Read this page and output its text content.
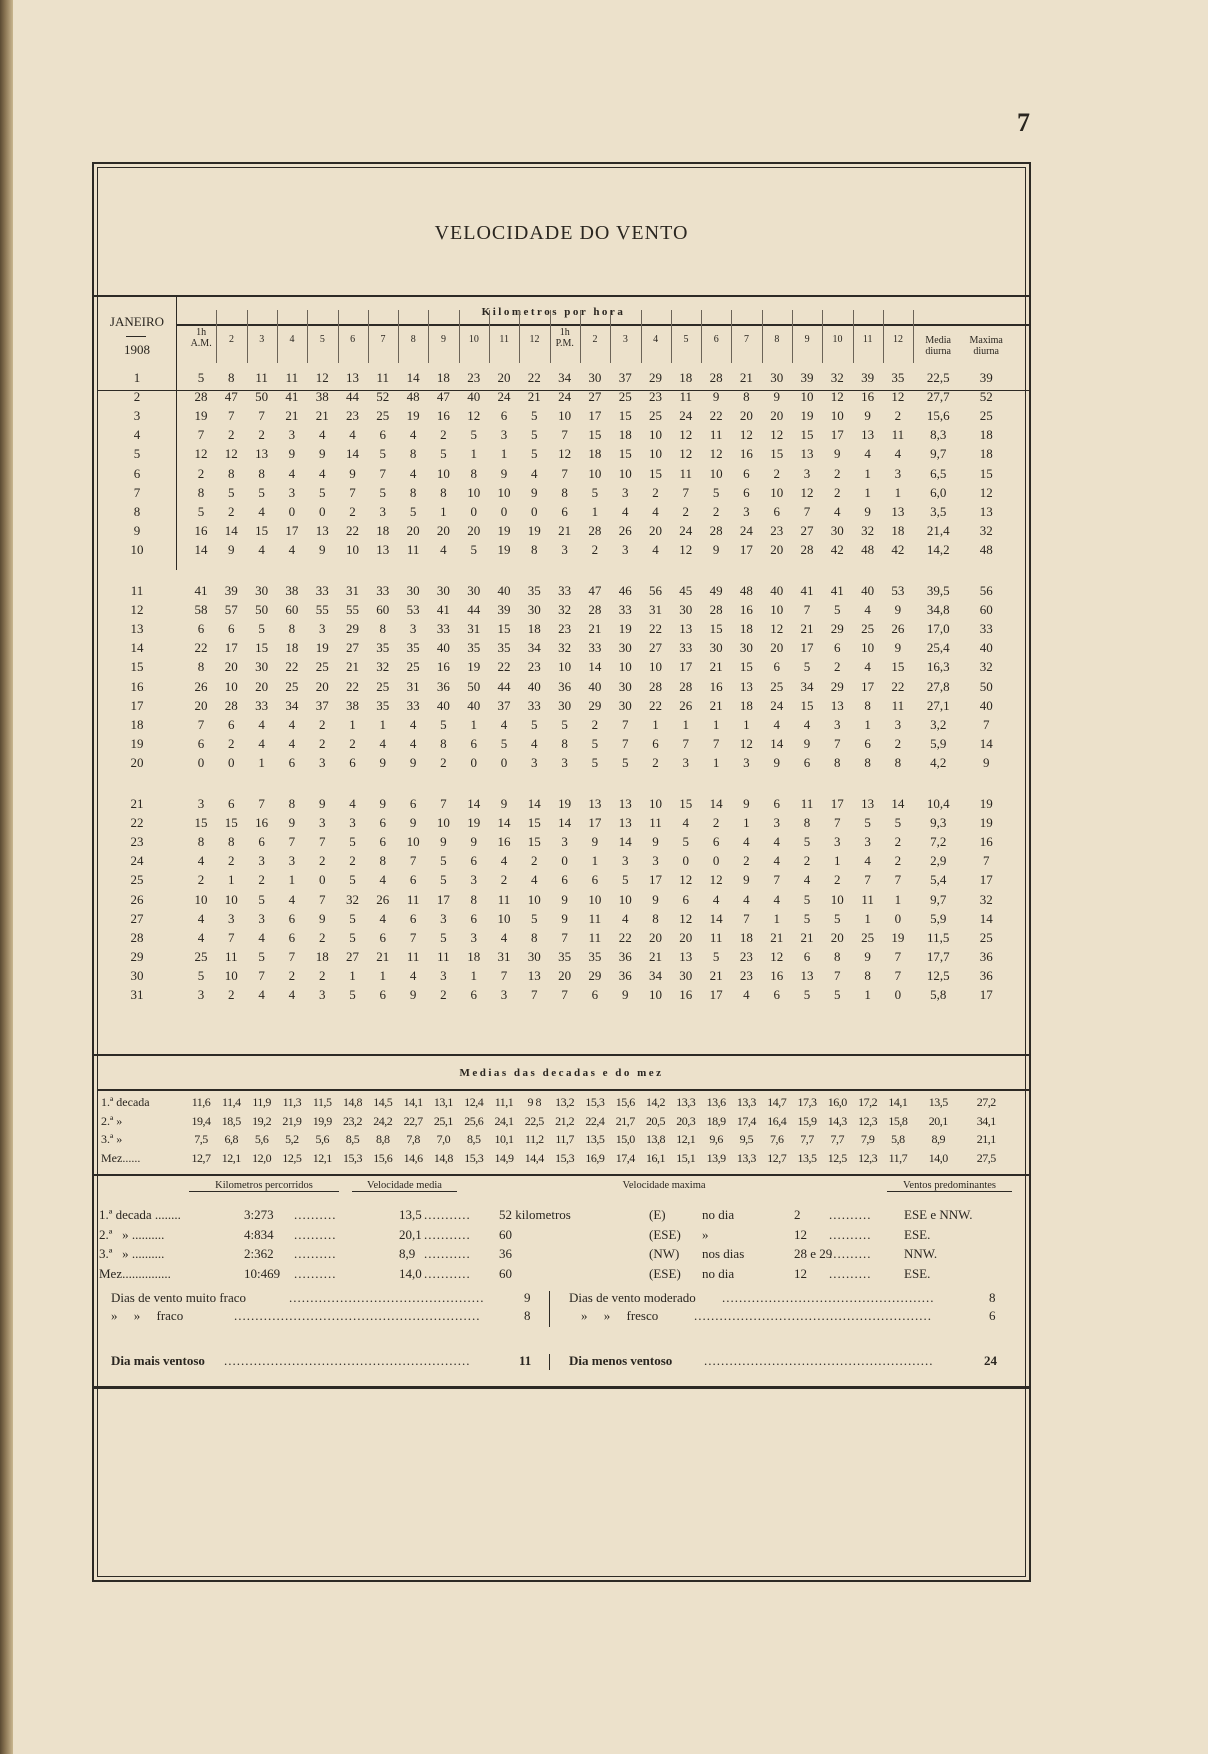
7
VELOCIDADE DO VENTO
JANEIRO
1908
Kilometros por hora
1h A.M.	2	3	4	5	6	7	8	9	10	11	12
1h P.M.	2	3	4	5	6	7	8	9	10	11	12	Media diurna
Maxima diurna
1	5	8	11	11	12	13	11	14	18	23	20	22	34	30	37	29	18	28	21	30	39	32	39	35	22,5	39
2	28	47	50	41	38	44	52	48	47	40	24	21	24	27	25	23	11	9	8	9	10	12	16	12	27,7	52
3	19	7	7	21	21	23	25	19	16	12	6	5	10	17	15	25	24	22	20	20	19	10	9	2	15,6	25
4	7	2	2	3	4	4	6	4	2	5	3	5	7	15	18	10	12	11	12	12	15	17	13	11	8,3	18
5	12	12	13	9	9	14	5	8	5	1	1	5	12	18	15	10	12	12	16	15	13	9	4	4	9,7	18
6	2	8	8	4	4	9	7	4	10	8	9	4	7	10	10	15	11	10	6	2	3	2	1	3	6,5	15
7	8	5	5	3	5	7	5	8	8	10	10	9	8	5	3	2	7	5	6	10	12	2	1	1	6,0	12
8	5	2	4	0	0	2	3	5	1	0	0	0	6	1	4	4	2	2	3	6	7	4	9	13	3,5	13
9	16	14	15	17	13	22	18	20	20	20	19	19	21	28	26	20	24	28	24	23	27	30	32	18	21,4	32
10	14	9	4	4	9	10	13	11	4	5	19	8	3	2	3	4	12	9	17	20	28	42	48	42	14,2	48
11	41	39	30	38	33	31	33	30	30	30	40	35	33	47	46	56	45	49	48	40	41	41	40	53	39,5	56
12	58	57	50	60	55	55	60	53	41	44	39	30	32	28	33	31	30	28	16	10	7	5	4	9	34,8	60
13	6	6	5	8	3	29	8	3	33	31	15	18	23	21	19	22	13	15	18	12	21	29	25	26	17,0	33
14	22	17	15	18	19	27	35	35	40	35	35	34	32	33	30	27	33	30	30	20	17	6	10	9	25,4	40
15	8	20	30	22	25	21	32	25	16	19	22	23	10	14	10	10	17	21	15	6	5	2	4	15	16,3	32
16	26	10	20	25	20	22	25	31	36	50	44	40	36	40	30	28	28	16	13	25	34	29	17	22	27,8	50
17	20	28	33	34	37	38	35	33	40	40	37	33	30	29	30	22	26	21	18	24	15	13	8	11	27,1	40
18	7	6	4	4	2	1	1	4	5	1	4	5	5	2	7	1	1	1	1	4	4	3	1	3	3,2	7
19	6	2	4	4	2	2	4	4	8	6	5	4	8	5	7	6	7	7	12	14	9	7	6	2	5,9	14
20	0	0	1	6	3	6	9	9	2	0	0	3	3	5	5	2	3	1	3	9	6	8	8	8	4,2	9
21	3	6	7	8	9	4	9	6	7	14	9	14	19	13	13	10	15	14	9	6	11	17	13	14	10,4	19
22	15	15	16	9	3	3	6	9	10	19	14	15	14	17	13	11	4	2	1	3	8	7	5	5	9,3	19
23	8	8	6	7	7	5	6	10	9	9	16	15	3	9	14	9	5	6	4	4	5	3	3	2	7,2	16
24	4	2	3	3	2	2	8	7	5	6	4	2	0	1	3	3	0	0	2	4	2	1	4	2	2,9	7
25	2	1	2	1	0	5	4	6	5	3	2	4	6	6	5	17	12	12	9	7	4	2	7	7	5,4	17
26	10	10	5	4	7	32	26	11	17	8	11	10	9	10	10	9	6	4	4	4	5	10	11	1	9,7	32
27	4	3	3	6	9	5	4	6	3	6	10	5	9	11	4	8	12	14	7	1	5	5	1	0	5,9	14
28	4	7	4	6	2	5	6	7	5	3	4	8	7	11	22	20	20	11	18	21	21	20	25	19	11,5	25
29	25	11	5	7	18	27	21	11	11	18	31	30	35	35	36	21	13	5	23	12	6	8	9	7	17,7	36
30	5	10	7	2	2	1	1	4	3	1	7	13	20	29	36	34	30	21	23	16	13	7	8	7	12,5	36
31	3	2	4	4	3	5	6	9	2	6	3	7	7	6	9	10	16	17	4	6	5	5	1	0	5,8	17
Medias das decadas e do mez
1.ª decada	11,6 11,4 11,9 11,3 11,5 14,8 14,5 14,1 13,1 12,4 11,1	9 8	13,2 15,3 15,6 14,2 13,3 13,6 13,3 14,7 17,3 16,0 17,2 14,1	13,5	27,2
2.ª »	19,4 18,5 19,2 21,9 19,9 23,2 24,2 22,7 25,1 25,6 24,1 22,5 21,2 22,4 21,7 20,5 20,3 18,9 17,4 16,4 15,9 14,3 12,3 15,8	20,1	34,1
3.ª »	7,5	6,8	5,6	5,2	5,6	8,5	8,8	7,8	7,0	8,5	10,1 11,2 11,7 13,5 15,0 13,8 12,1	9,6	9,5	7,6	7,7	7,7	7,9	5,8	8,9	21,1
Mez......	12,7 12,1 12,0 12,5 12,1 15,3 15,6 14,6 14,8 15,3 14,9 14,4 15,3 16,9 17,4 16,1 15,1 13,9 13,3 12,7 13,5 12,5 12,3 11,7	14,0	27,5
Kilometros percorridos	Velocidade media	Velocidade maxima	Ventos predominantes
1.ª decada ........	3:273	13,5	52 kilometros	(E)	no dia	2	ESE e NNW.
..........	...........	..........
2.ª   » ..........	4:834	20,1	60	(ESE) »	12	ESE.
..........	...........	..........
3.ª   » ..........	2:362	8,9	36	(NW) nos dias	28 e 29	NNW.
..........	...........	..........
Mez...............	10:469	14,0	60	(ESE) no dia	12	ESE.
..........	...........	..........
Dias de vento muito fraco	..............................................	9
»     »     fraco	..........................................................	8
Dias de vento moderado ..................................................	8
»     »     fresco	........................................................	6
Dia mais ventoso ..........................................................	11	Dia menos ventoso ......................................................	24
